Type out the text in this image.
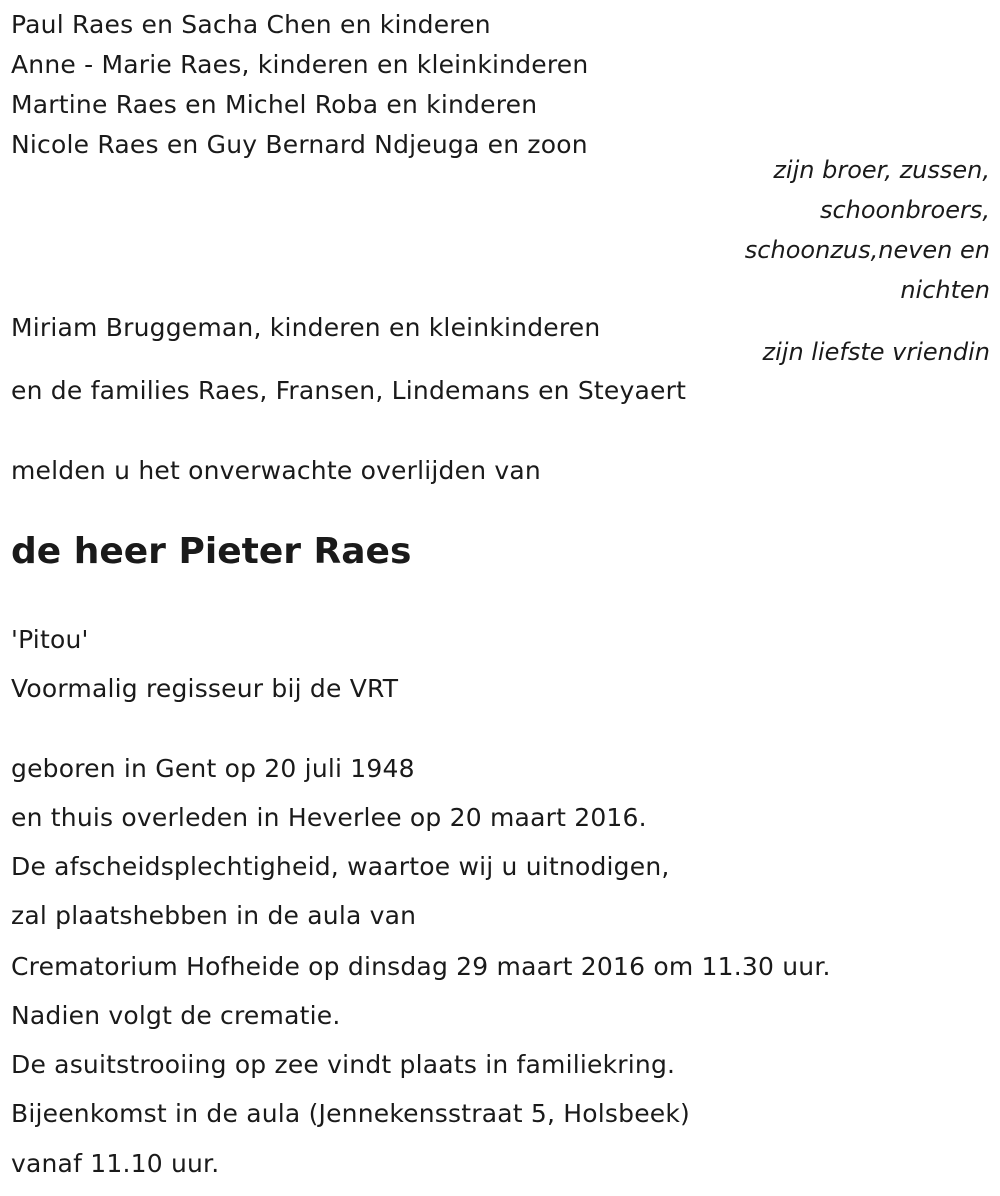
Paul Raes en Sacha Chen en kinderen
Anne - Marie Raes, kinderen en kleinkinderen
Martine Raes en Michel Roba en kinderen
Nicole Raes en Guy Bernard Ndjeuga en zoon
zijn broer, zussen,
schoonbroers,
schoonzus,neven en
nichten
Miriam Bruggeman, kinderen en kleinkinderen
zijn liefste vriendin
en de families Raes, Fransen, Lindemans en Steyaert
melden u het onverwachte overlijden van
de heer Pieter Raes
'Pitou'
Voormalig regisseur bij de VRT
geboren in Gent op 20 juli 1948
en thuis overleden in Heverlee op 20 maart 2016.
De afscheidsplechtigheid, waartoe wij u uitnodigen,
zal plaatshebben in de aula van
Crematorium Hofheide op dinsdag 29 maart 2016 om 11.30 uur.
Nadien volgt de crematie.
De asuitstrooiing op zee vindt plaats in familiekring.
Bijeenkomst in de aula (Jennekensstraat 5, Holsbeek)
vanaf 11.10 uur.
